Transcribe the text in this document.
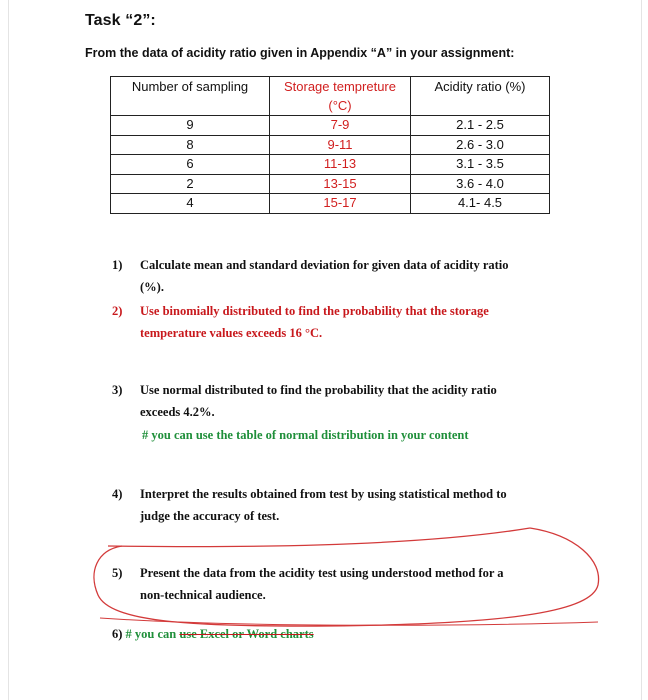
Task “2”:
From the data of acidity ratio given in Appendix “A” in your assignment:
Number of sampling	Storage tempreture (°C)	Acidity ratio (%)
9	7-9	2.1 - 2.5
8	9-11	2.6 - 3.0
6	11-13	3.1 - 3.5
2	13-15	3.6 - 4.0
4	15-17	4.1- 4.5
1) Calculate mean and standard deviation for given data of acidity ratio
(%).
2) Use binomially distributed to find the probability that the storage
temperature values exceeds 16 °C.
3) Use normal distributed to find the probability that the acidity ratio
exceeds 4.2%.
# you can use the table of normal distribution in your content
4) Interpret the results obtained from test by using statistical method to
judge the accuracy of test.
5) Present the data from the acidity test using understood method for a
non-technical audience.
6) # you can use Excel or Word charts
